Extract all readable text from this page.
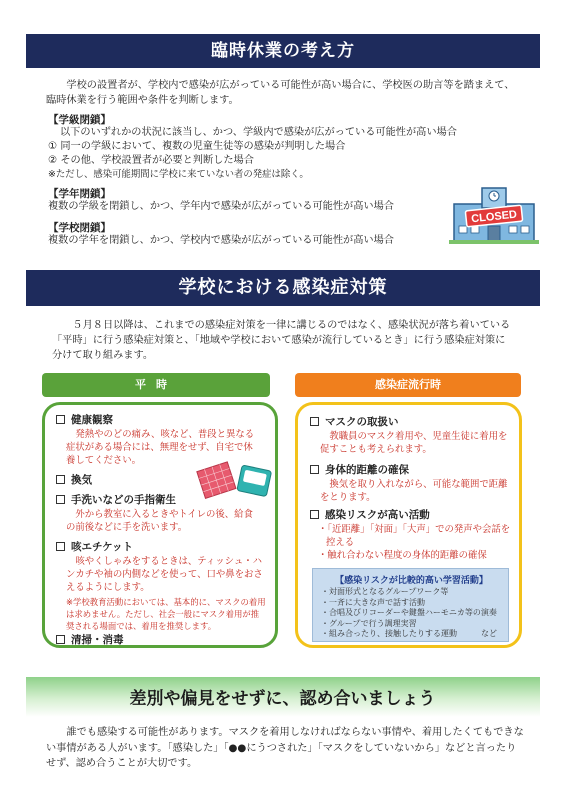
臨時休業の考え方
学校の設置者が、学校内で感染が広がっている可能性が高い場合に、学校医の助言等を踏まえて、臨時休業を行う範囲や条件を判断します。
【学級閉鎖】
以下のいずれかの状況に該当し、かつ、学級内で感染が広がっている可能性が高い場合
① 同一の学級において、複数の児童生徒等の感染が判明した場合
② その他、学校設置者が必要と判断した場合
※ただし、感染可能期間に学校に来ていない者の発症は除く。
【学年閉鎖】
複数の学級を閉鎖し、かつ、学年内で感染が広がっている可能性が高い場合
【学校閉鎖】
複数の学年を閉鎖し、かつ、学校内で感染が広がっている可能性が高い場合
CLOSED
学校における感染症対策
５月８日以降は、これまでの感染症対策を一律に講じるのではなく、感染状況が落ち着いている「平時」に行う感染症対策と、「地域や学校において感染が流行しているとき」に行う感染症対策に分けて取り組みます。
平時	感染症流行時
健康観察
発熱やのどの痛み、咳など、普段と異なる症状がある場合には、無理をせず、自宅で休養してください。
換気
手洗いなどの手指衛生
外から教室に入るときやトイレの後、給食の前後などに手を洗います。
咳エチケット
咳やくしゃみをするときは、ティッシュ・ハンカチや袖の内側などを使って、口や鼻をおさえるようにします。
※学校教育活動においては、基本的に、マスクの着用は求めません。ただし、社会一般にマスク着用が推奨される場面では、着用を推奨します。
清掃・消毒
マスクの取扱い
教職員のマスク着用や、児童生徒に着用を促すことも考えられます。
身体的距離の確保
換気を取り入れながら、可能な範囲で距離をとります。
感染リスクが高い活動
・「近距離」「対面」「大声」での発声や会話を控える
・触れ合わない程度の身体的距離の確保
【感染リスクが比較的高い学習活動】
・対面形式となるグループワーク等
・一斉に大きな声で話す活動
・合唱及びリコーダーや鍵盤ハーモニカ等の演奏
・グループで行う調理実習
・組み合ったり、接触したりする運動　　　など
差別や偏見をせずに、認め合いましょう
誰でも感染する可能性があります。マスクを着用しなければならない事情や、着用したくてもできない事情がある人がいます。「感染した」「●●にうつされた」「マスクをしていないから」などと言ったりせず、認め合うことが大切です。
